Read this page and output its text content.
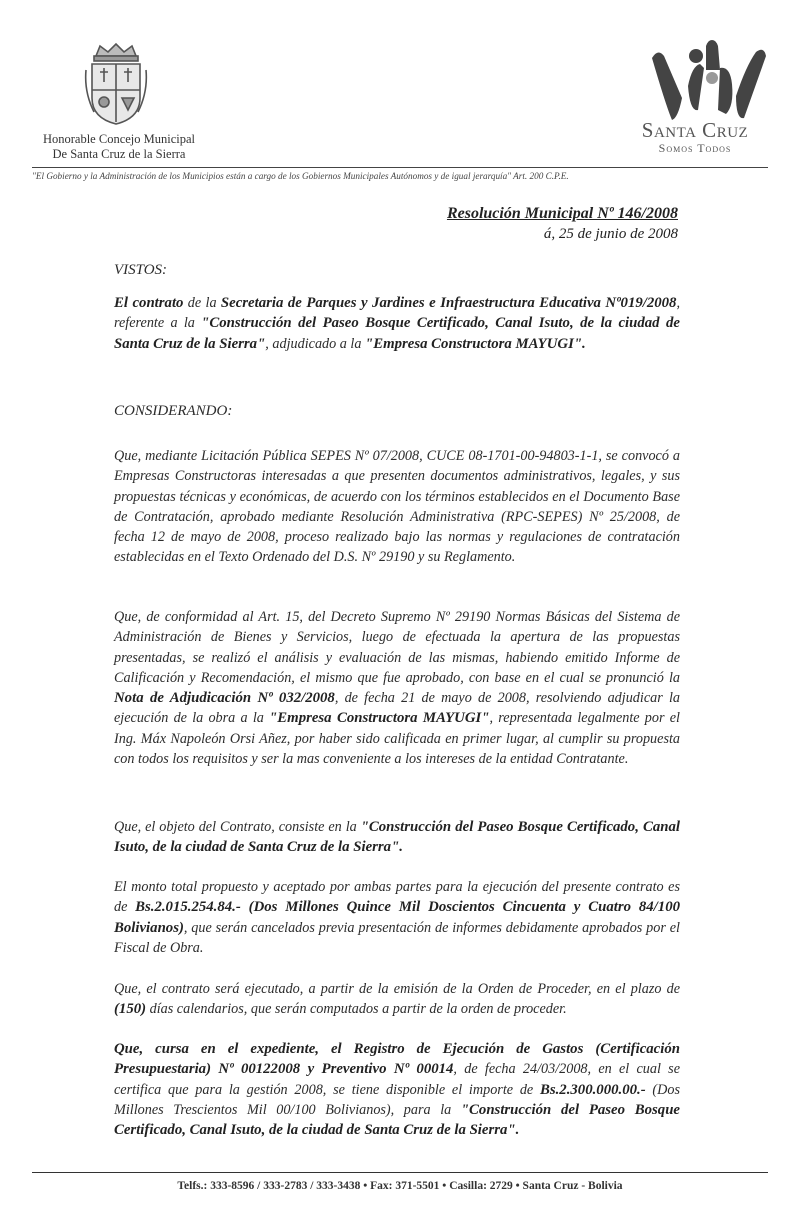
Honorable Concejo Municipal
De Santa Cruz de la Sierra
Santa Cruz
Somos Todos
"El Gobierno y la Administración de los Municipios están a cargo de los Gobiernos Municipales Autónomos y de igual jerarquía" Art. 200 C.P.E.
Resolución Municipal Nº 146/2008
á, 25 de junio de 2008
VISTOS:
El contrato de la Secretaria de Parques y Jardines e Infraestructura Educativa Nº019/2008, referente a la "Construcción del Paseo Bosque Certificado, Canal Isuto, de la ciudad de Santa Cruz de la Sierra", adjudicado a la "Empresa Constructora MAYUGI".
CONSIDERANDO:
Que, mediante Licitación Pública SEPES Nº 07/2008, CUCE 08-1701-00-94803-1-1, se convocó a Empresas Constructoras interesadas a que presenten documentos administrativos, legales, y sus propuestas técnicas y económicas, de acuerdo con los términos establecidos en el Documento Base de Contratación, aprobado mediante Resolución Administrativa (RPC-SEPES) Nº 25/2008, de fecha 12 de mayo de 2008, proceso realizado bajo las normas y regulaciones de contratación establecidas en el Texto Ordenado del D.S. Nº 29190 y su Reglamento.
Que, de conformidad al Art. 15, del Decreto Supremo Nº 29190 Normas Básicas del Sistema de Administración de Bienes y Servicios, luego de efectuada la apertura de las propuestas presentadas, se realizó el análisis y evaluación de las mismas, habiendo emitido Informe de Calificación y Recomendación, el mismo que fue aprobado, con base en el cual se pronunció la Nota de Adjudicación Nº 032/2008, de fecha 21 de mayo de 2008, resolviendo adjudicar la ejecución de la obra a la "Empresa Constructora MAYUGI", representada legalmente por el Ing. Máx Napoleón Orsi Añez, por haber sido calificada en primer lugar, al cumplir su propuesta con todos los requisitos y ser la mas conveniente a los intereses de la entidad Contratante.
Que, el objeto del Contrato, consiste en la "Construcción del Paseo Bosque Certificado, Canal Isuto, de la ciudad de Santa Cruz de la Sierra".
El monto total propuesto y aceptado por ambas partes para la ejecución del presente contrato es de Bs.2.015.254.84.- (Dos Millones Quince Mil Doscientos Cincuenta y Cuatro 84/100 Bolivianos), que serán cancelados previa presentación de informes debidamente aprobados por el Fiscal de Obra.
Que, el contrato será ejecutado, a partir de la emisión de la Orden de Proceder, en el plazo de (150) días calendarios, que serán computados a partir de la orden de proceder.
Que, cursa en el expediente, el Registro de Ejecución de Gastos (Certificación Presupuestaria) Nº 00122008 y Preventivo Nº 00014, de fecha 24/03/2008, en el cual se certifica que para la gestión 2008, se tiene disponible el importe de Bs.2.300.000.00.- (Dos Millones Trescientos Mil 00/100 Bolivianos), para la "Construcción del Paseo Bosque Certificado, Canal Isuto, de la ciudad de Santa Cruz de la Sierra".
Telfs.: 333-8596 / 333-2783 / 333-3438 • Fax: 371-5501 • Casilla: 2729 • Santa Cruz - Bolivia
